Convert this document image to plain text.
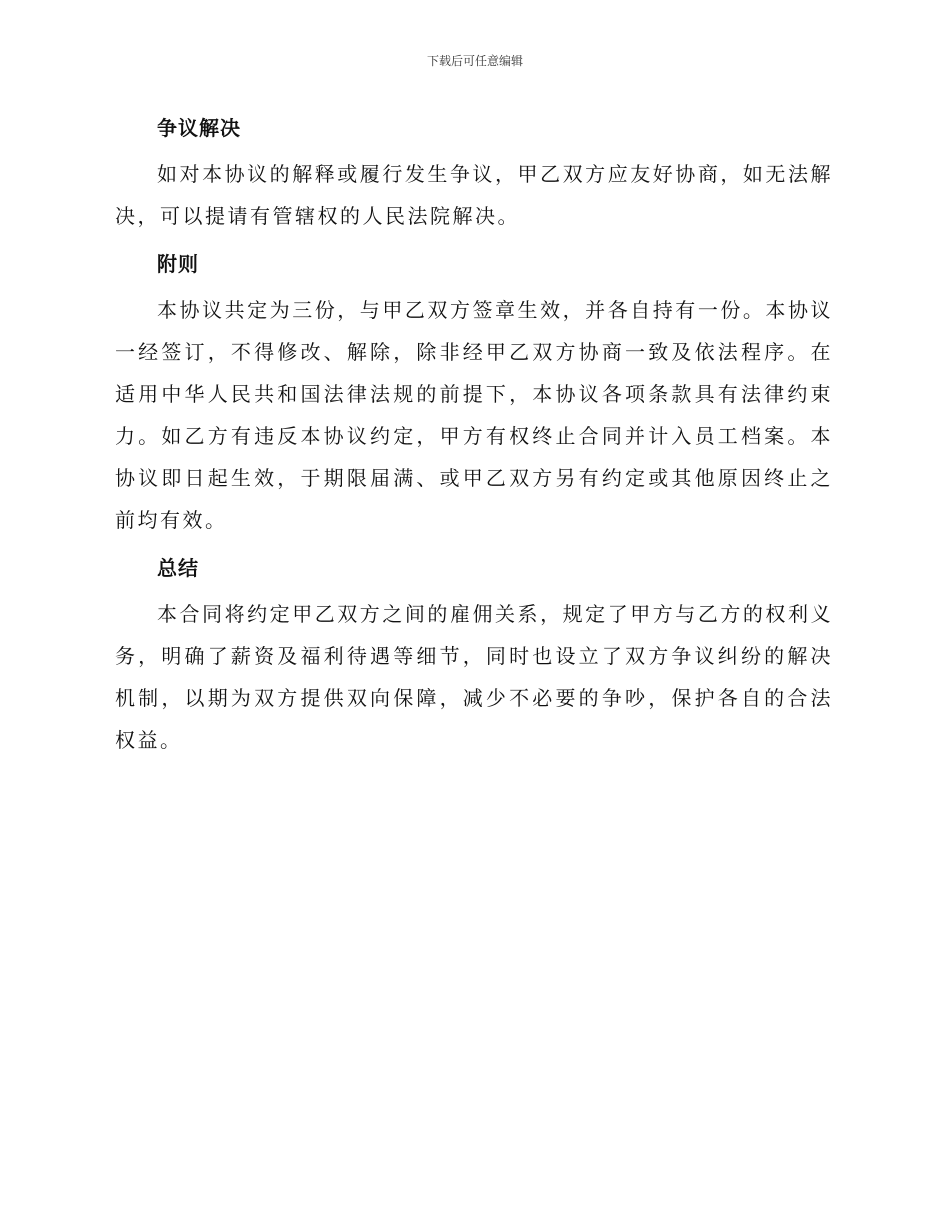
下载后可任意编辑
争议解决

如对本协议的解释或履行发生争议，甲乙双方应友好协商，如无法解决，可以提请有管辖权的人民法院解决。

附则

本协议共定为三份，与甲乙双方签章生效，并各自持有一份。本协议一经签订，不得修改、解除，除非经甲乙双方协商一致及依法程序。在适用中华人民共和国法律法规的前提下，本协议各项条款具有法律约束力。如乙方有违反本协议约定，甲方有权终止合同并计入员工档案。本协议即日起生效，于期限届满、或甲乙双方另有约定或其他原因终止之前均有效。

总结

本合同将约定甲乙双方之间的雇佣关系，规定了甲方与乙方的权利义务，明确了薪资及福利待遇等细节，同时也设立了双方争议纠纷的解决机制，以期为双方提供双向保障，减少不必要的争吵，保护各自的合法权益。
